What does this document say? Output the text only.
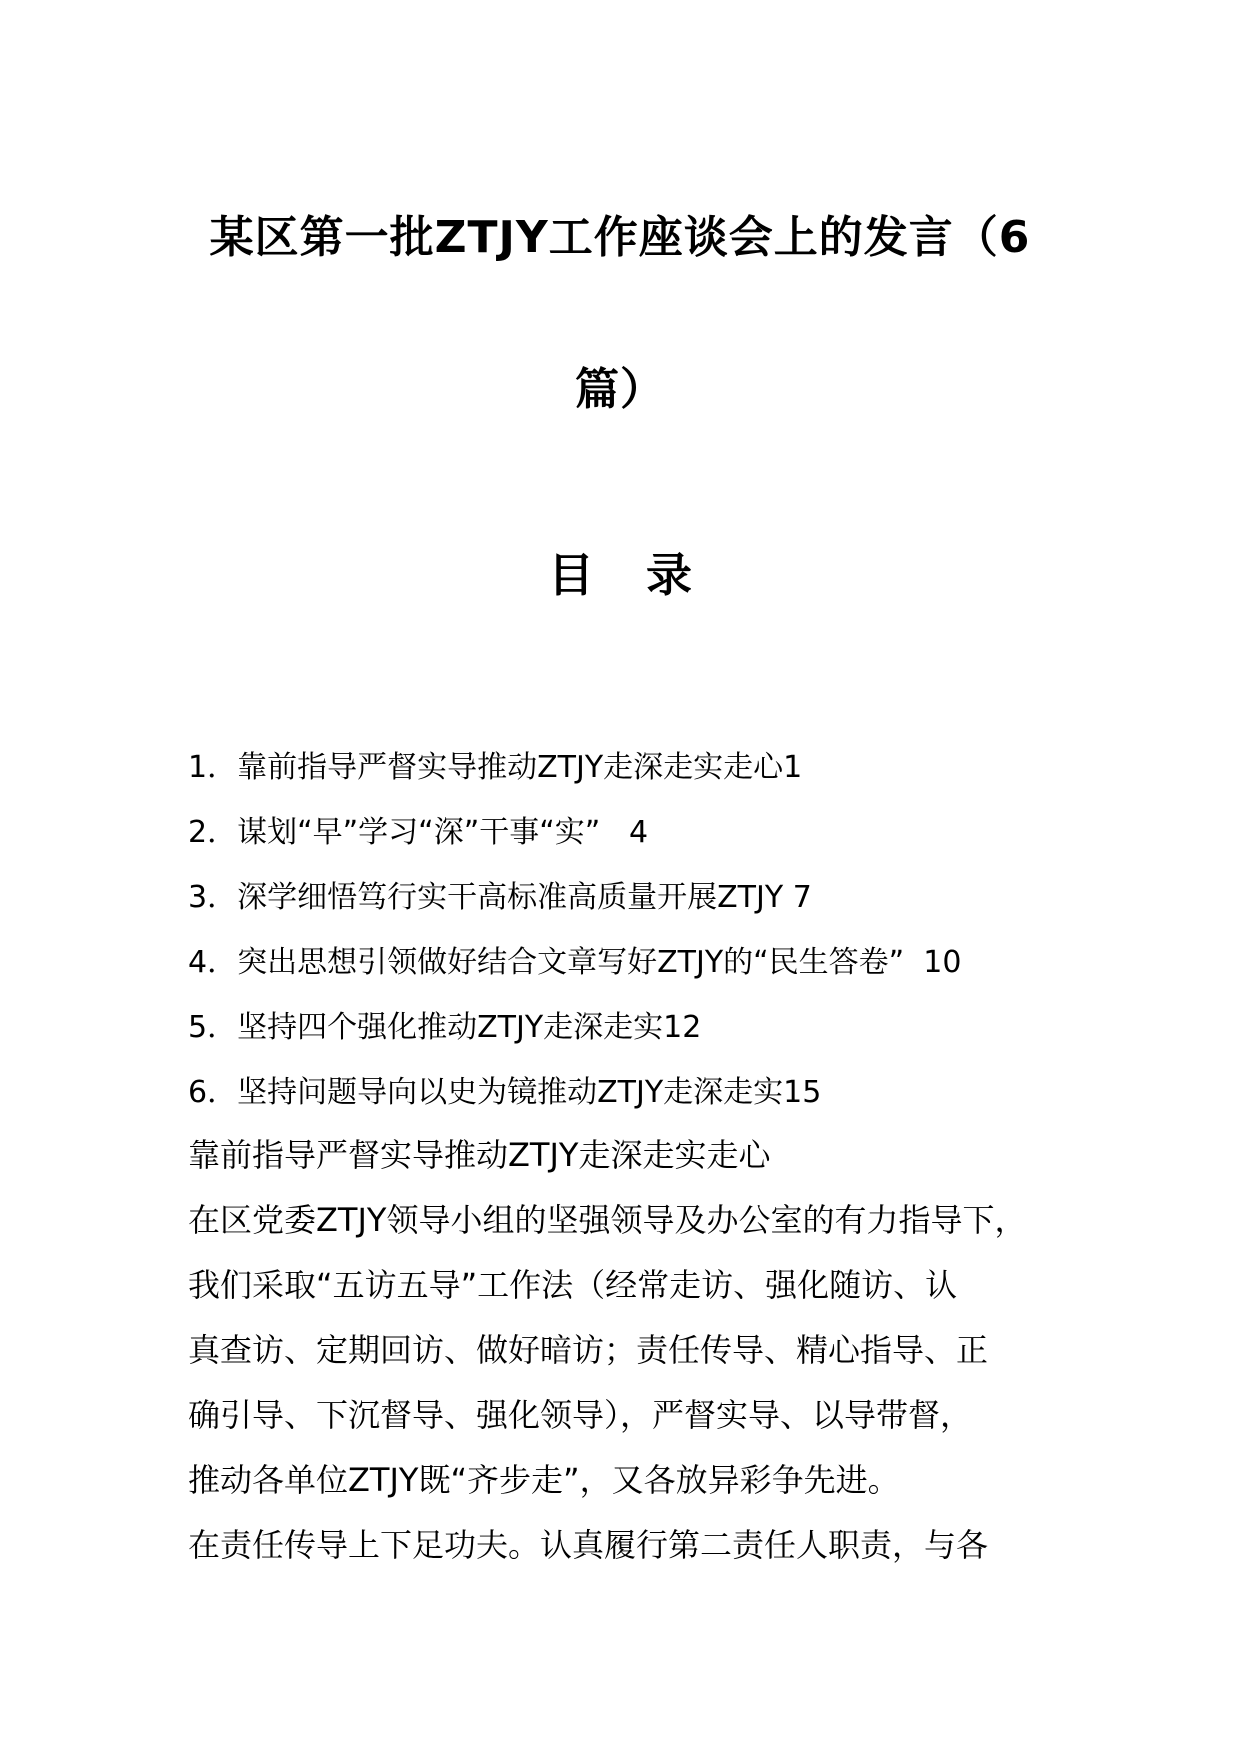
某区第一批ZTJY工作座谈会上的发言（6
篇）
目 录
1．靠前指导严督实导推动ZTJY走深走实走心1
2．谋划“早”学习“深”干事“实”   4
3．深学细悟笃行实干高标准高质量开展ZTJY 7
4．突出思想引领做好结合文章写好ZTJY的“民生答卷”  10
5．坚持四个强化推动ZTJY走深走实12
6．坚持问题导向以史为镜推动ZTJY走深走实15

靠前指导严督实导推动ZTJY走深走实走心

在区党委ZTJY领导小组的坚强领导及办公室的有力指导下，

我们采取“五访五导”工作法（经常走访、强化随访、认

真查访、定期回访、做好暗访；责任传导、精心指导、正

确引导、下沉督导、强化领导），严督实导、以导带督，

推动各单位ZTJY既“齐步走”，又各放异彩争先进。

在责任传导上下足功夫。认真履行第二责任人职责，与各
